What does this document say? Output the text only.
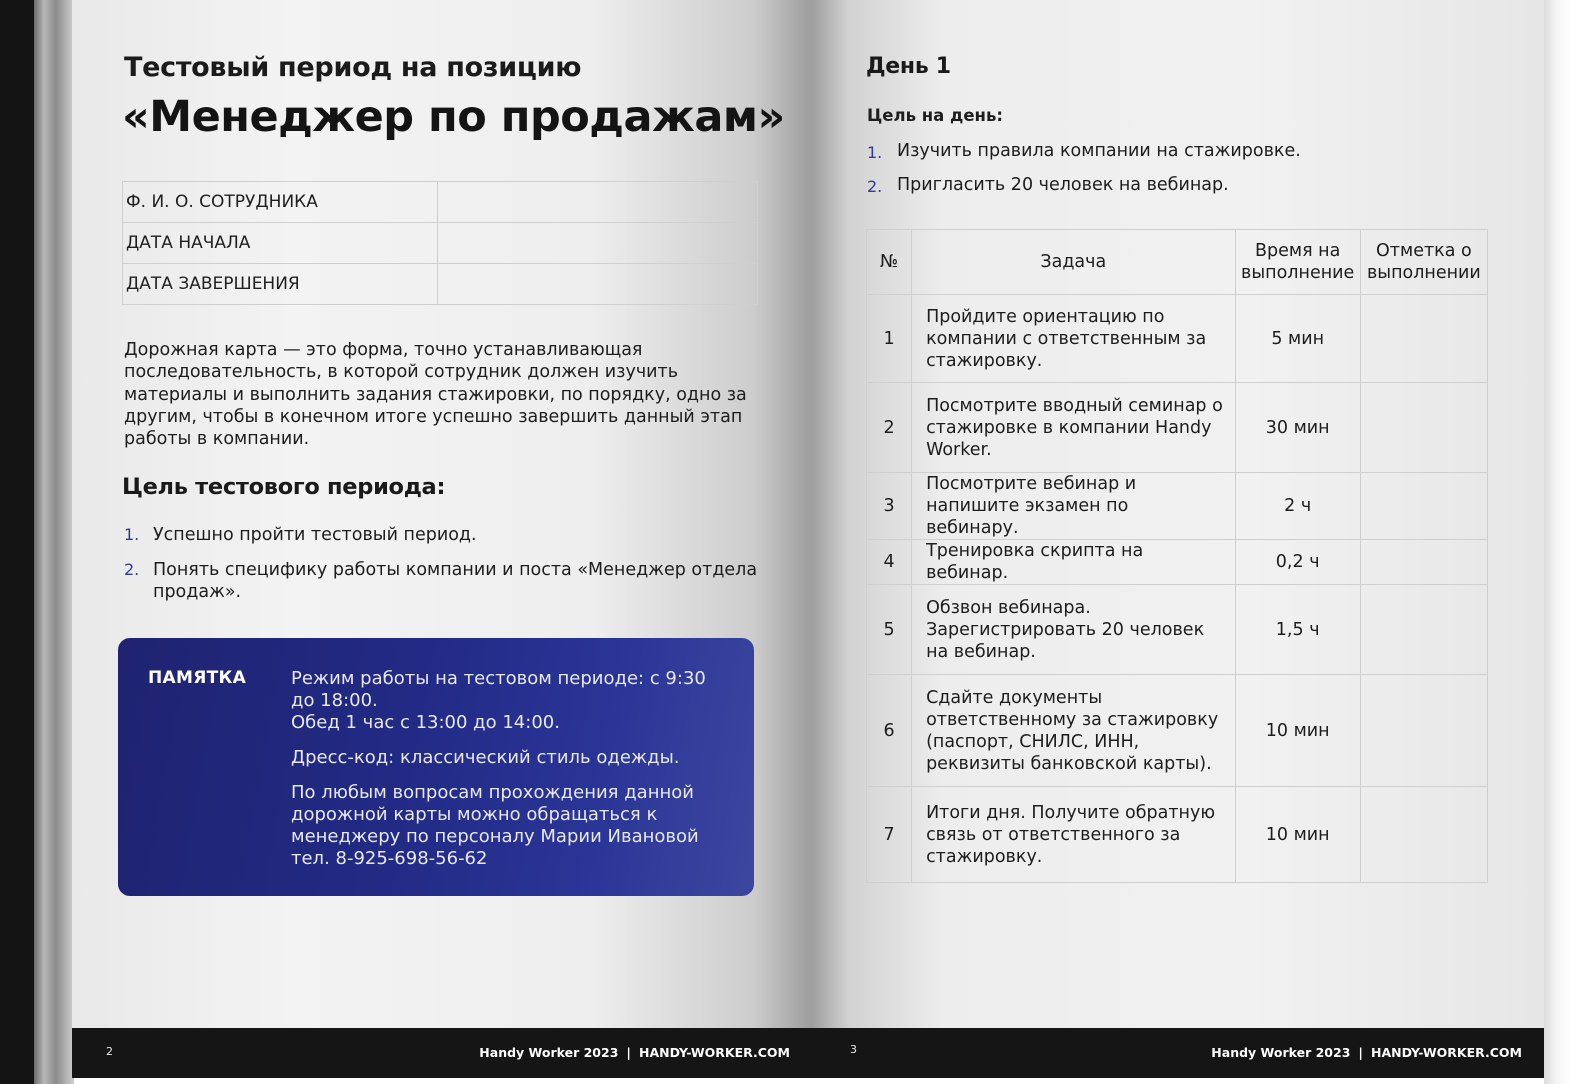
Тестовый период на позицию
«Менеджер по продажам»
Ф. И. О. СОТРУДНИКА	
ДАТА НАЧАЛА	
ДАТА ЗАВЕРШЕНИЯ	
Дорожная карта — это форма, точно устанавливающая последовательность, в которой сотрудник должен изучить материалы и выполнить задания стажировки, по порядку, одно за другим, чтобы в конечном итоге успешно завершить данный этап работы в компании.
Цель тестового периода:
1. Успешно пройти тестовый период.
2. Понять специфику работы компании и поста «Менеджер отдела продаж».
ПАМЯТКА Режим работы на тестовом периоде: с 9:30 до 18:00.
Обед 1 час с 13:00 до 14:00.

Дресс-код: классический стиль одежды.

По любым вопросам прохождения данной дорожной карты можно обращаться к менеджеру по персоналу Марии Ивановой тел. 8-925-698-56-62

2	Handy Worker 2023 | HANDY-WORKER.COM
День 1
Цель на день:
1. Изучить правила компании на стажировке.
2. Пригласить 20 человек на вебинар.
№	Задача	Время на выполнение	Отметка о выполнении
1	Пройдите ориентацию по компании с ответственным за стажировку.	5 мин	
2	Посмотрите вводный семинар о стажировке в компании Handy Worker.	30 мин	
3	Посмотрите вебинар и напишите экзамен по вебинару.	2 ч	
4	Тренировка скрипта на вебинар.	0,2 ч	
5	Обзвон вебинара. Зарегистрировать 20 человек на вебинар.	1,5 ч	
6	Сдайте документы ответственному за стажировку (паспорт, СНИЛС, ИНН, реквизиты банковской карты).	10 мин	
7	Итоги дня. Получите обратную связь от ответственного за стажировку.	10 мин	
3	Handy Worker 2023 | HANDY-WORKER.COM
